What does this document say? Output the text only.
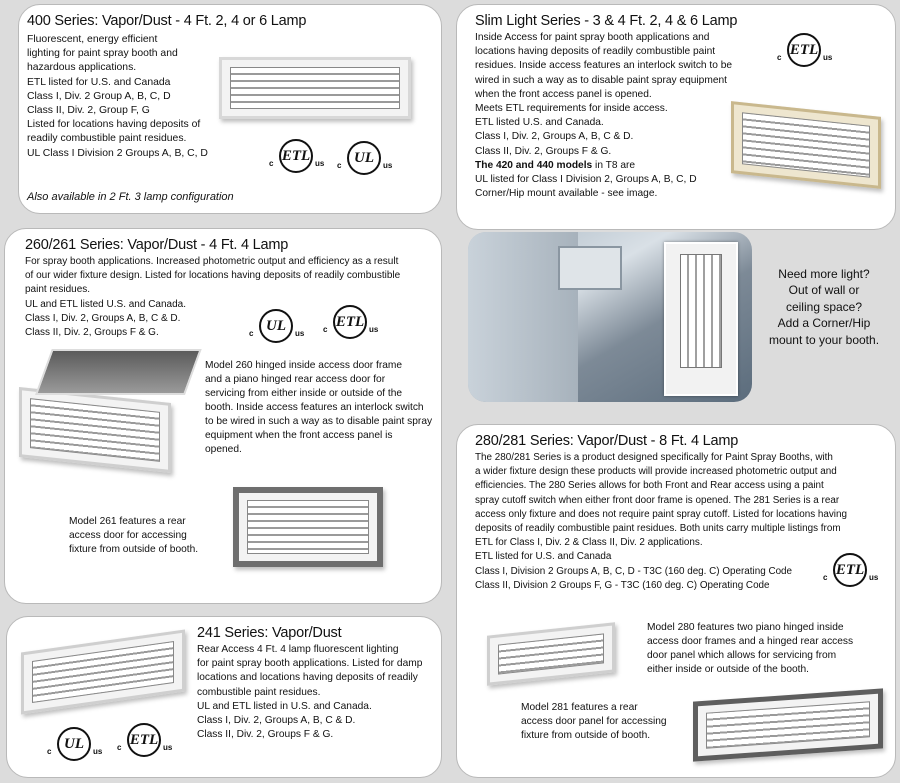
400 Series: Vapor/Dust - 4 Ft. 2, 4 or 6 Lamp
Fluorescent, energy efficient
lighting for paint spray booth and
hazardous applications.
ETL listed for U.S. and Canada
Class I, Div. 2 Group A, B, C, D
Class II, Div. 2, Group F, G
Listed for locations having deposits of
readily combustible paint residues.
UL Class I Division 2 Groups A, B, C, D
Also available in 2 Ft. 3 lamp configuration
ETL
c	us	UL
c	us
260/261 Series: Vapor/Dust - 4 Ft. 4 Lamp
For spray booth applications. Increased photometric output and efficiency as a result
of our wider fixture design. Listed for locations having deposits of readily combustible
paint residues.
UL and ETL listed U.S. and Canada.
Class I, Div. 2, Groups A, B, C & D.
Class II, Div. 2, Groups F & G.	UL
c	us
ETL
c	us
Model 260 hinged inside access door frame
and a piano hinged rear access door for
servicing from either inside or outside of the
booth. Inside access features an interlock switch
to be wired in such a way as to disable paint spray
equipment when the front access panel is
opened.
Model 261 features a rear
access door for accessing
fixture from outside of booth.
241 Series: Vapor/Dust
Rear Access 4 Ft. 4 lamp fluorescent lighting
for paint spray booth applications. Listed for damp
locations and locations having deposits of readily
combustible paint residues.
UL and ETL listed in U.S. and Canada.
Class I, Div. 2, Groups A, B, C & D.
Class II, Div. 2, Groups F & G.
UL
c	us
ETL
c	us
Slim Light Series - 3 & 4 Ft. 2, 4 & 6 Lamp
Inside Access for paint spray booth applications and
locations having deposits of readily combustible paint
residues. Inside access features an interlock switch to be
wired in such a way as to disable paint spray equipment
when the front access panel is opened.
Meets ETL requirements for inside access.
ETL listed U.S. and Canada.
Class I, Div. 2, Groups A, B, C & D.
Class II, Div. 2, Groups F & G.
The 420 and 440 models in T8 are
UL listed for Class I Division 2, Groups A, B, C, D
Corner/Hip mount available - see image.
ETL
c	us
Need more light?
Out of wall or
ceiling space?
Add a Corner/Hip
mount to your booth.
280/281 Series: Vapor/Dust - 8 Ft. 4 Lamp
The 280/281 Series is a product designed specifically for Paint Spray Booths, with
a wider fixture design these products will provide increased photometric output and
efficiencies. The 280 Series allows for both Front and Rear access using a paint
spray cutoff switch when either front door frame is opened. The 281 Series is a rear
access only fixture and does not require paint spray cutoff. Listed for locations having
deposits of readily combustible paint residues. Both units carry multiple listings from
ETL for Class I, Div. 2 & Class II, Div. 2 applications.
ETL listed for U.S. and Canada
Class I, Division 2 Groups A, B, C, D - T3C (160 deg. C) Operating Code
Class II, Division 2 Groups F, G - T3C (160 deg. C) Operating Code
ETL
c	us
Model 280 features two piano hinged inside
access door frames and a hinged rear access
door panel which allows for servicing from
either inside or outside of the booth.
Model 281 features a rear
access door panel for accessing
fixture from outside of booth.
